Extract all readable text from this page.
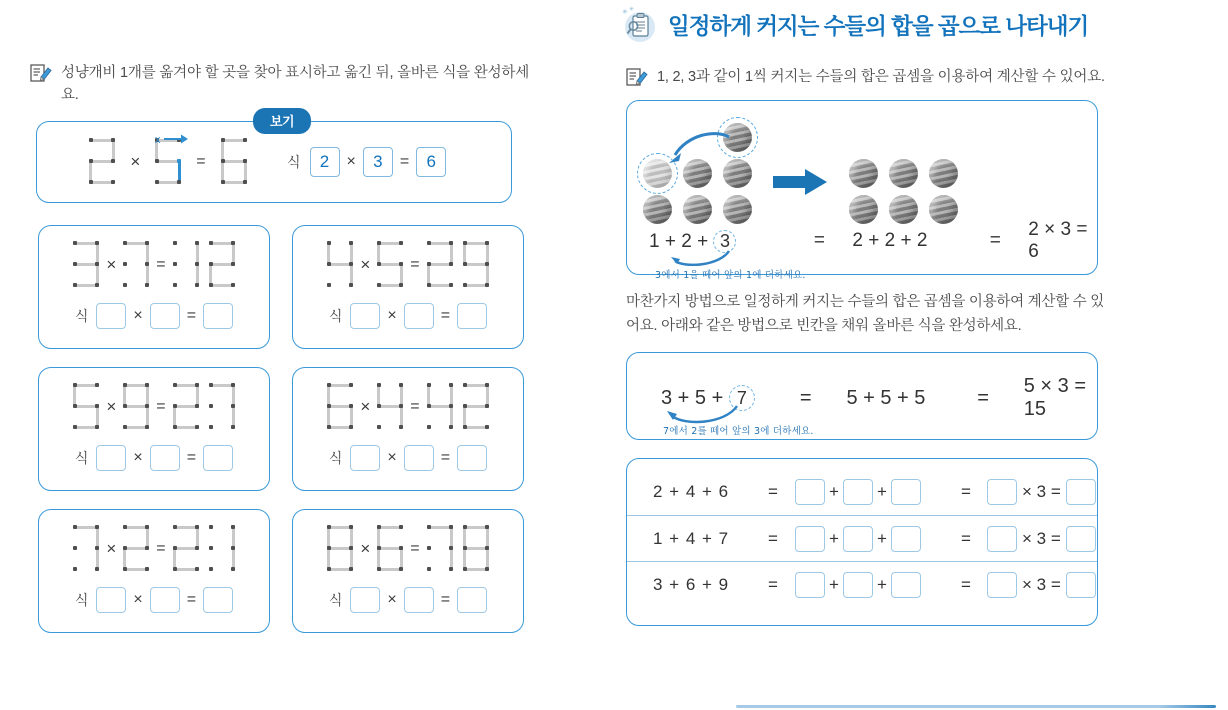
성냥개비 1개를 옮겨야 할 곳을 찾아 표시하고 옮긴 뒤, 올바른 식을 완성하세요.
보기
×
x
=	식	2	×	3	=	6
×	=
식	×	=
×	=
식	×	=
×	=
식	×	=
×	=
식	×	=
×	=
식	×	=
×	=
식	×	=
✳ ✳
일정하게 커지는 수들의 합을 곱으로 나타내기
1, 2, 3과 같이 1씩 커지는 수들의 합은 곱셈을 이용하여 계산할 수 있어요.
1 + 2 + 3	=	2 + 2 + 2	=
2 × 3 = 6
3에서 1을 떼어 앞의 1에 더하세요.
마찬가지 방법으로 일정하게 커지는 수들의 합은 곱셈을 이용하여 계산할 수 있어요. 아래와 같은 방법으로 빈칸을 채워 올바른 식을 완성하세요.
3 + 5 + 7	=	5 + 5 + 5	=
5 × 3 = 15
7에서 2를 떼어 앞의 3에 더하세요.
2 + 4 + 6	=	+ +	=	× 3 =
1 + 4 + 7	=	+ +	=	× 3 =
3 + 6 + 9	=	+ +	=	× 3 =
